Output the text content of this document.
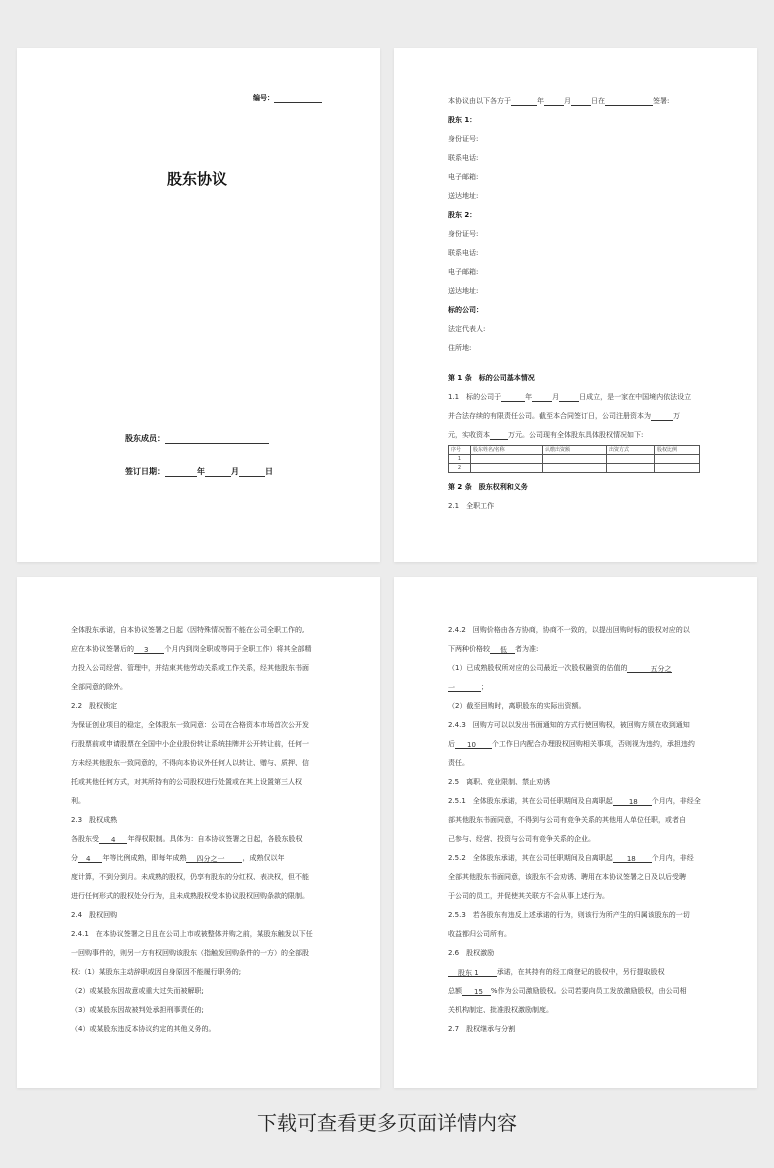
编号：
股东协议
股东成员：
签订日期：	年	月	日
本协议由以下各方于	年	月	日在	签署:
股东 1：
身份证号:
联系电话:
电子邮箱:
送达地址:
股东 2：
身份证号:
联系电话:
电子邮箱:
送达地址:
标的公司：
法定代表人:
住所地:
第 1 条　标的公司基本情况
1.1　标的公司于	年	月	日成立，是一家在中国境内依法设立
并合法存续的有限责任公司。截至本合同签订日，公司注册资本为	万
元，实收资本	万元。公司现有全体股东具体股权情况如下:
序号	股东姓名/名称	认缴出资额	出资方式	股权比例
1				
2				
第 2 条　股东权利和义务
2.1　全职工作
全体股东承诺，自本协议签署之日起（因特殊情况暂不能在公司全职工作的,
应在本协议签署后的 3 个月内到岗全职或等同于全职工作）将其全部精
力投入公司经营、管理中，并结束其他劳动关系或工作关系，经其他股东书面
全部同意的除外。
2.2　股权锁定
为保证创业项目的稳定，全体股东一致同意：公司在合格资本市场首次公开发
行股票前或申请股票在全国中小企业股份转让系统挂牌并公开转让前，任何一
方未经其他股东一致同意的，不得向本协议外任何人以转让、赠与、质押、信
托或其他任何方式，对其所持有的公司股权进行处置或在其上设置第三人权
利。
2.3　股权成熟
各股东受 4 年得权限制。具体为：自本协议签署之日起，各股东股权
分 4 年等比例成熟，即每年成熟 四分之一	，成熟仅以年
度计算，不到分到月。未成熟的股权，仍享有股东的分红权、表决权，但不能
进行任何形式的股权处分行为，且未成熟股权受本协议股权回购条款的限制。
2.4　股权回购
2.4.1　在本协议签署之日且在公司上市或被整体并购之前，某股东触发以下任
一回购事件的，则另一方有权回购该股东（指触发回购条件的一方）的全部股
权:（1）某股东主动辞职或因自身原因不能履行职务的;
（2）或某股东因故意或重大过失而被解职;
（3）或某股东因故被判处承担刑事责任的;
（4）或某股东违反本协议约定的其他义务的。
2.4.2　回购价格由各方协商，协商不一致的，以提出回购时标的股权对应的以
下两种价格较 低 者为准:
（1）已成熟股权所对应的公司最近一次股权融资的估值的	五分之
一	；
（2）截至回购时，离职股东的实际出资额。
2.4.3　回购方可以以发出书面通知的方式行使回购权，被回购方须在收到通知
后 10 个工作日内配合办理股权回购相关事项，否则视为违约，承担违约
责任。
2.5　离职、竞业限制、禁止劝诱
2.5.1　全体股东承诺，其在公司任职期间及自离职起 18 个月内，非经全
部其他股东书面同意，不得到与公司有竞争关系的其他用人单位任职，或者自
己参与、经营、投资与公司有竞争关系的企业。
2.5.2　全体股东承诺，其在公司任职期间及自离职起 18 个月内，非经
全部其他股东书面同意，该股东不会劝诱、聘用在本协议签署之日及以后受聘
于公司的员工，并促使其关联方不会从事上述行为。
2.5.3　若各股东有违反上述承诺的行为，则该行为所产生的归属该股东的一切
收益都归公司所有。
2.6　股权激励
股东 1	承诺，在其持有的经工商登记的股权中，另行提取股权
总额 15 %作为公司激励股权。公司若要向员工发放激励股权，由公司相
关机构制定、批准股权激励制度。
2.7　股权继承与分割
下载可查看更多页面详情内容
